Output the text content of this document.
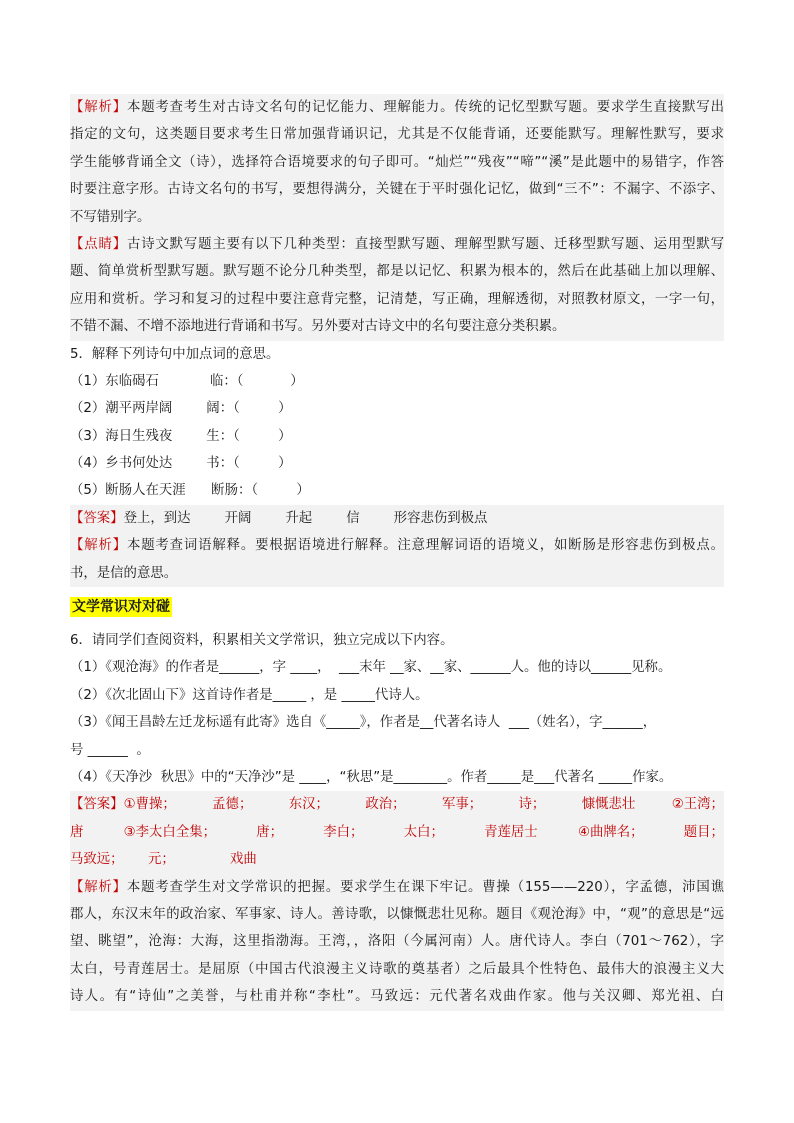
【解析】本题考查考生对古诗文名句的记忆能力、理解能力。传统的记忆型默写题。要求学生直接默写出
指定的文句，这类题目要求考生日常加强背诵识记，尤其是不仅能背诵，还要能默写。理解性默写，要求
学生能够背诵全文（诗），选择符合语境要求的句子即可。“灿烂”“残夜”“啼”“溪”是此题中的易错字，作答
时要注意字形。古诗文名句的书写，要想得满分，关键在于平时强化记忆，做到“三不”：不漏字、不添字、
不写错别字。
【点睛】古诗文默写题主要有以下几种类型：直接型默写题、理解型默写题、迁移型默写题、运用型默写
题、简单赏析型默写题。默写题不论分几种类型，都是以记忆、积累为根本的，然后在此基础上加以理解、
应用和赏析。学习和复习的过程中要注意背完整，记清楚，写正确，理解透彻，对照教材原文，一字一句，
不错不漏、不增不添地进行背诵和书写。另外要对古诗文中的名句要注意分类积累。
5．解释下列诗句中加点词的意思。
（1）东临碣石            临：（           ）
（2）潮平两岸阔        阔：（         ）
（3）海日生残夜        生：（         ）
（4）乡书何处达        书：（         ）
（5）断肠人在天涯      断肠：（         ）
【答案】登上，到达        开阔        升起        信        形容悲伤到极点
【解析】本题考查词语解释。要根据语境进行解释。注意理解词语的语境义，如断肠是形容悲伤到极点。
书，是信的意思。
文学常识对对碰
6．请同学们查阅资料，积累相关文学常识，独立完成以下内容。
（1）《观沧海》的作者是______，字 ____，  ___末年 __家、__家、______人。他的诗以______见称。
（2）《次北固山下》这首诗作者是_____ ，是 _____代诗人。
（3）《闻王昌龄左迁龙标遥有此寄》选自《_____》，作者是__代著名诗人  ___（姓名），字______，
号 ______  。
（4）《天净沙  秋思》中的“天净沙”是 ____，“秋思”是________。作者_____是___代著名 _____作家。
【答案】①曹操；	孟德；	东汉；	政治；	军事；	诗；	慷慨悲壮	②王湾；
唐	③李太白全集；	唐；	李白；	太白；	青莲居士	④曲牌名；	题目；
马致远； 元；	戏曲
【解析】本题考查学生对文学常识的把握。要求学生在课下牢记。曹操（155——220），字孟德，沛国谯
郡人，东汉末年的政治家、军事家、诗人。善诗歌，以慷慨悲壮见称。题目《观沧海》中，“观”的意思是“远
望、眺望”，沧海：大海，这里指渤海。王湾，，洛阳（今属河南）人。唐代诗人。李白（701～762），字
太白，号青莲居士。是屈原（中国古代浪漫主义诗歌的奠基者）之后最具个性特色、最伟大的浪漫主义大
诗人。有“诗仙”之美誉，与杜甫并称“李杜”。马致远：元代著名戏曲作家。他与关汉卿、郑光祖、白
